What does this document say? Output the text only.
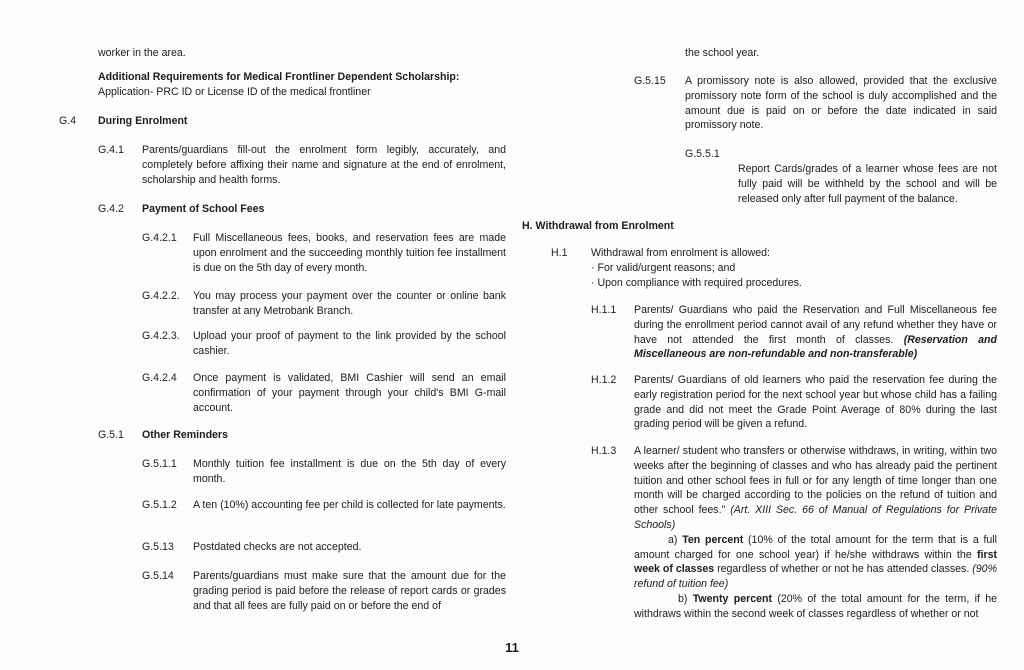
worker in the area.
Additional Requirements for Medical Frontliner Dependent Scholarship:
Application- PRC ID or License ID of the medical frontliner
G.4 During Enrolment
G.4.1 Parents/guardians fill-out the enrolment form legibly, accurately, and completely before affixing their name and signature at the end of enrolment, scholarship and health forms.
G.4.2 Payment of School Fees
G.4.2.1 Full Miscellaneous fees, books, and reservation fees are made upon enrolment and the succeeding monthly tuition fee installment is due on the 5th day of every month.
G.4.2.2. You may process your payment over the counter or online bank transfer at any Metrobank Branch.
G.4.2.3. Upload your proof of payment to the link provided by the school cashier.
G.4.2.4 Once payment is validated, BMI Cashier will send an email confirmation of your payment through your child's BMI G-mail account.
G.5.1 Other Reminders
G.5.1.1 Monthly tuition fee installment is due on the 5th day of every month.
G.5.1.2 A ten (10%) accounting fee per child is collected for late payments.
G.5.13 Postdated checks are not accepted.
G.5.14 Parents/guardians must make sure that the amount due for the grading period is paid before the release of report cards or grades and that all fees are fully paid on or before the end of
the school year.
G.5.15 A promissory note is also allowed, provided that the exclusive promissory note form of the school is duly accomplished and the amount due is paid on or before the date indicated in said promissory note.
G.5.5.1
Report Cards/grades of a learner whose fees are not fully paid will be withheld by the school and will be released only after full payment of the balance.
H. Withdrawal from Enrolment
H.1 Withdrawal from enrolment is allowed:
· For valid/urgent reasons; and
· Upon compliance with required procedures.
H.1.1 Parents/ Guardians who paid the Reservation and Full Miscellaneous fee during the enrollment period cannot avail of any refund whether they have or have not attended the first month of classes. (Reservation and Miscellaneous are non-refundable and non-transferable)
H.1.2 Parents/ Guardians of old learners who paid the reservation fee during the early registration period for the next school year but whose child has a failing grade and did not meet the Grade Point Average of 80% during the last grading period will be given a refund.
H.1.3 A learner/ student who transfers or otherwise withdraws, in writing, within two weeks after the beginning of classes and who has already paid the pertinent tuition and other school fees in full or for any length of time longer than one month will be charged according to the policies on the refund of tuition and other school fees." (Art. XIII Sec. 66 of Manual of Regulations for Private Schools)
a) Ten percent (10% of the total amount for the term that is a full amount charged for one school year) if he/she withdraws within the first week of classes regardless of whether or not he has attended classes. (90% refund of tuition fee)
b) Twenty percent (20% of the total amount for the term, if he withdraws within the second week of classes regardless of whether or not
11
